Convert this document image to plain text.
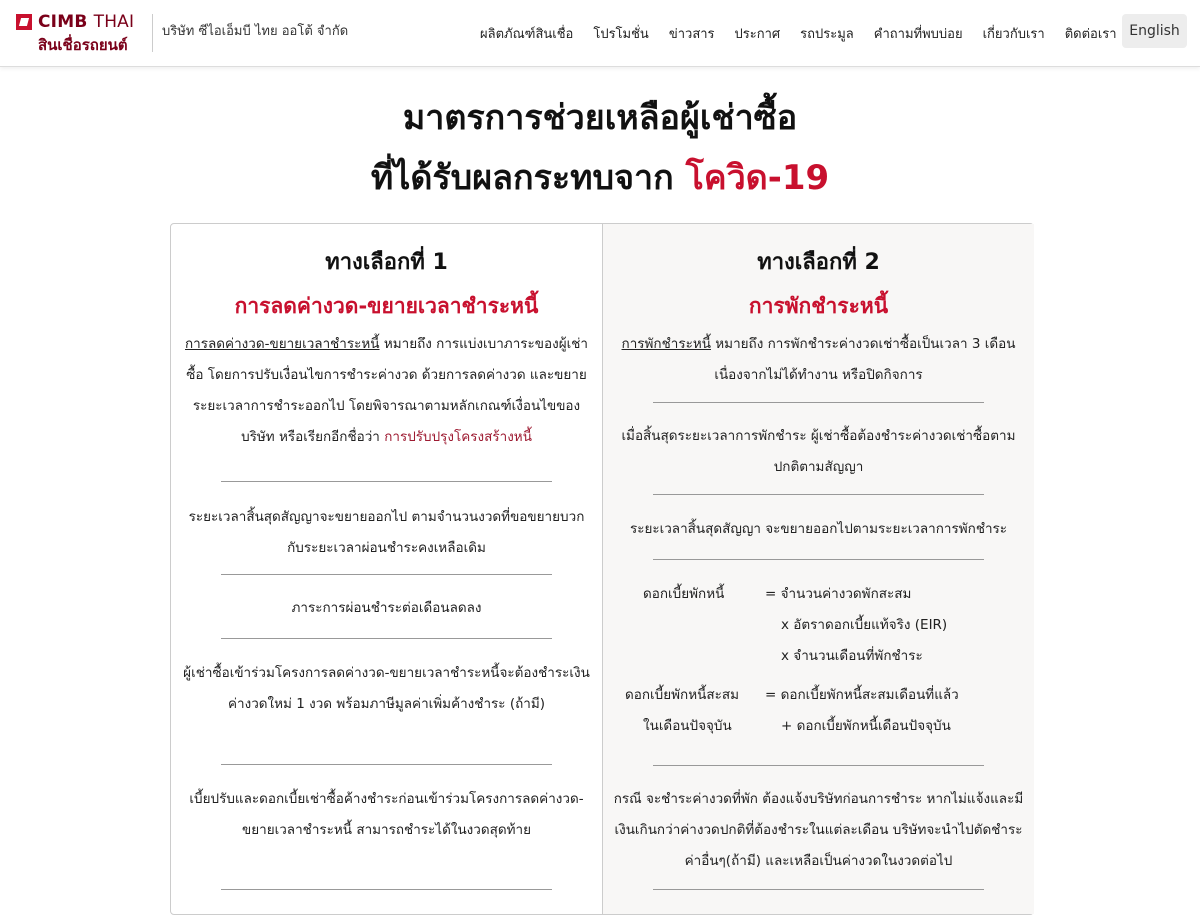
CIMB THAI
สินเชื่อรถยนต์
บริษัท ซีไอเอ็มบี ไทย ออโต้ จำกัด	ผลิตภัณฑ์สินเชื่อ โปรโมชั่น ข่าวสาร ประกาศ รถประมูล คำถามที่พบบ่อย เกี่ยวกับเรา ติดต่อเรา English
มาตรการช่วยเหลือผู้เช่าซื้อ
ที่ได้รับผลกระทบจาก โควิด-19
ทางเลือกที่ 1
การลดค่างวด-ขยายเวลาชำระหนี้
การลดค่างวด-ขยายเวลาชำระหนี้ หมายถึง การแบ่งเบาภาระของผู้เช่าซื้อ โดยการปรับเงื่อนไขการชำระค่างวด ด้วยการลดค่างวด และขยายระยะเวลาการชำระออกไป โดยพิจารณาตามหลักเกณฑ์เงื่อนไขของบริษัท หรือเรียกอีกชื่อว่า การปรับปรุงโครงสร้างหนี้
ระยะเวลาสิ้นสุดสัญญาจะขยายออกไป ตามจำนวนงวดที่ขอขยายบวกกับระยะเวลาผ่อนชำระคงเหลือเดิม
ภาระการผ่อนชำระต่อเดือนลดลง
ผู้เช่าซื้อเข้าร่วมโครงการลดค่างวด-ขยายเวลาชำระหนี้จะต้องชำระเงินค่างวดใหม่ 1 งวด พร้อมภาษีมูลค่าเพิ่มค้างชำระ (ถ้ามี)
เบี้ยปรับและดอกเบี้ยเช่าซื้อค้างชำระก่อนเข้าร่วมโครงการลดค่างวด-ขยายเวลาชำระหนี้ สามารถชำระได้ในงวดสุดท้าย
ทางเลือกที่ 2
การพักชำระหนี้
การพักชำระหนี้ หมายถึง การพักชำระค่างวดเช่าซื้อเป็นเวลา 3 เดือน เนื่องจากไม่ได้ทำงาน หรือปิดกิจการ
เมื่อสิ้นสุดระยะเวลาการพักชำระ ผู้เช่าซื้อต้องชำระค่างวดเช่าซื้อตามปกติตามสัญญา
ระยะเวลาสิ้นสุดสัญญา จะขยายออกไปตามระยะเวลาการพักชำระ
ดอกเบี้ยพักหนี้	= จำนวนค่างวดพักสะสม
x อัตราดอกเบี้ยแท้จริง (EIR)
x จำนวนเดือนที่พักชำระ
ดอกเบี้ยพักหนี้สะสม
ในเดือนปัจจุบัน
= ดอกเบี้ยพักหนี้สะสมเดือนที่แล้ว
+ ดอกเบี้ยพักหนี้เดือนปัจจุบัน
กรณี จะชำระค่างวดที่พัก ต้องแจ้งบริษัทก่อนการชำระ หากไม่แจ้งและมีเงินเกินกว่าค่างวดปกติที่ต้องชำระในแต่ละเดือน บริษัทจะนำไปตัดชำระค่าอื่นๆ(ถ้ามี) และเหลือเป็นค่างวดในงวดต่อไป
